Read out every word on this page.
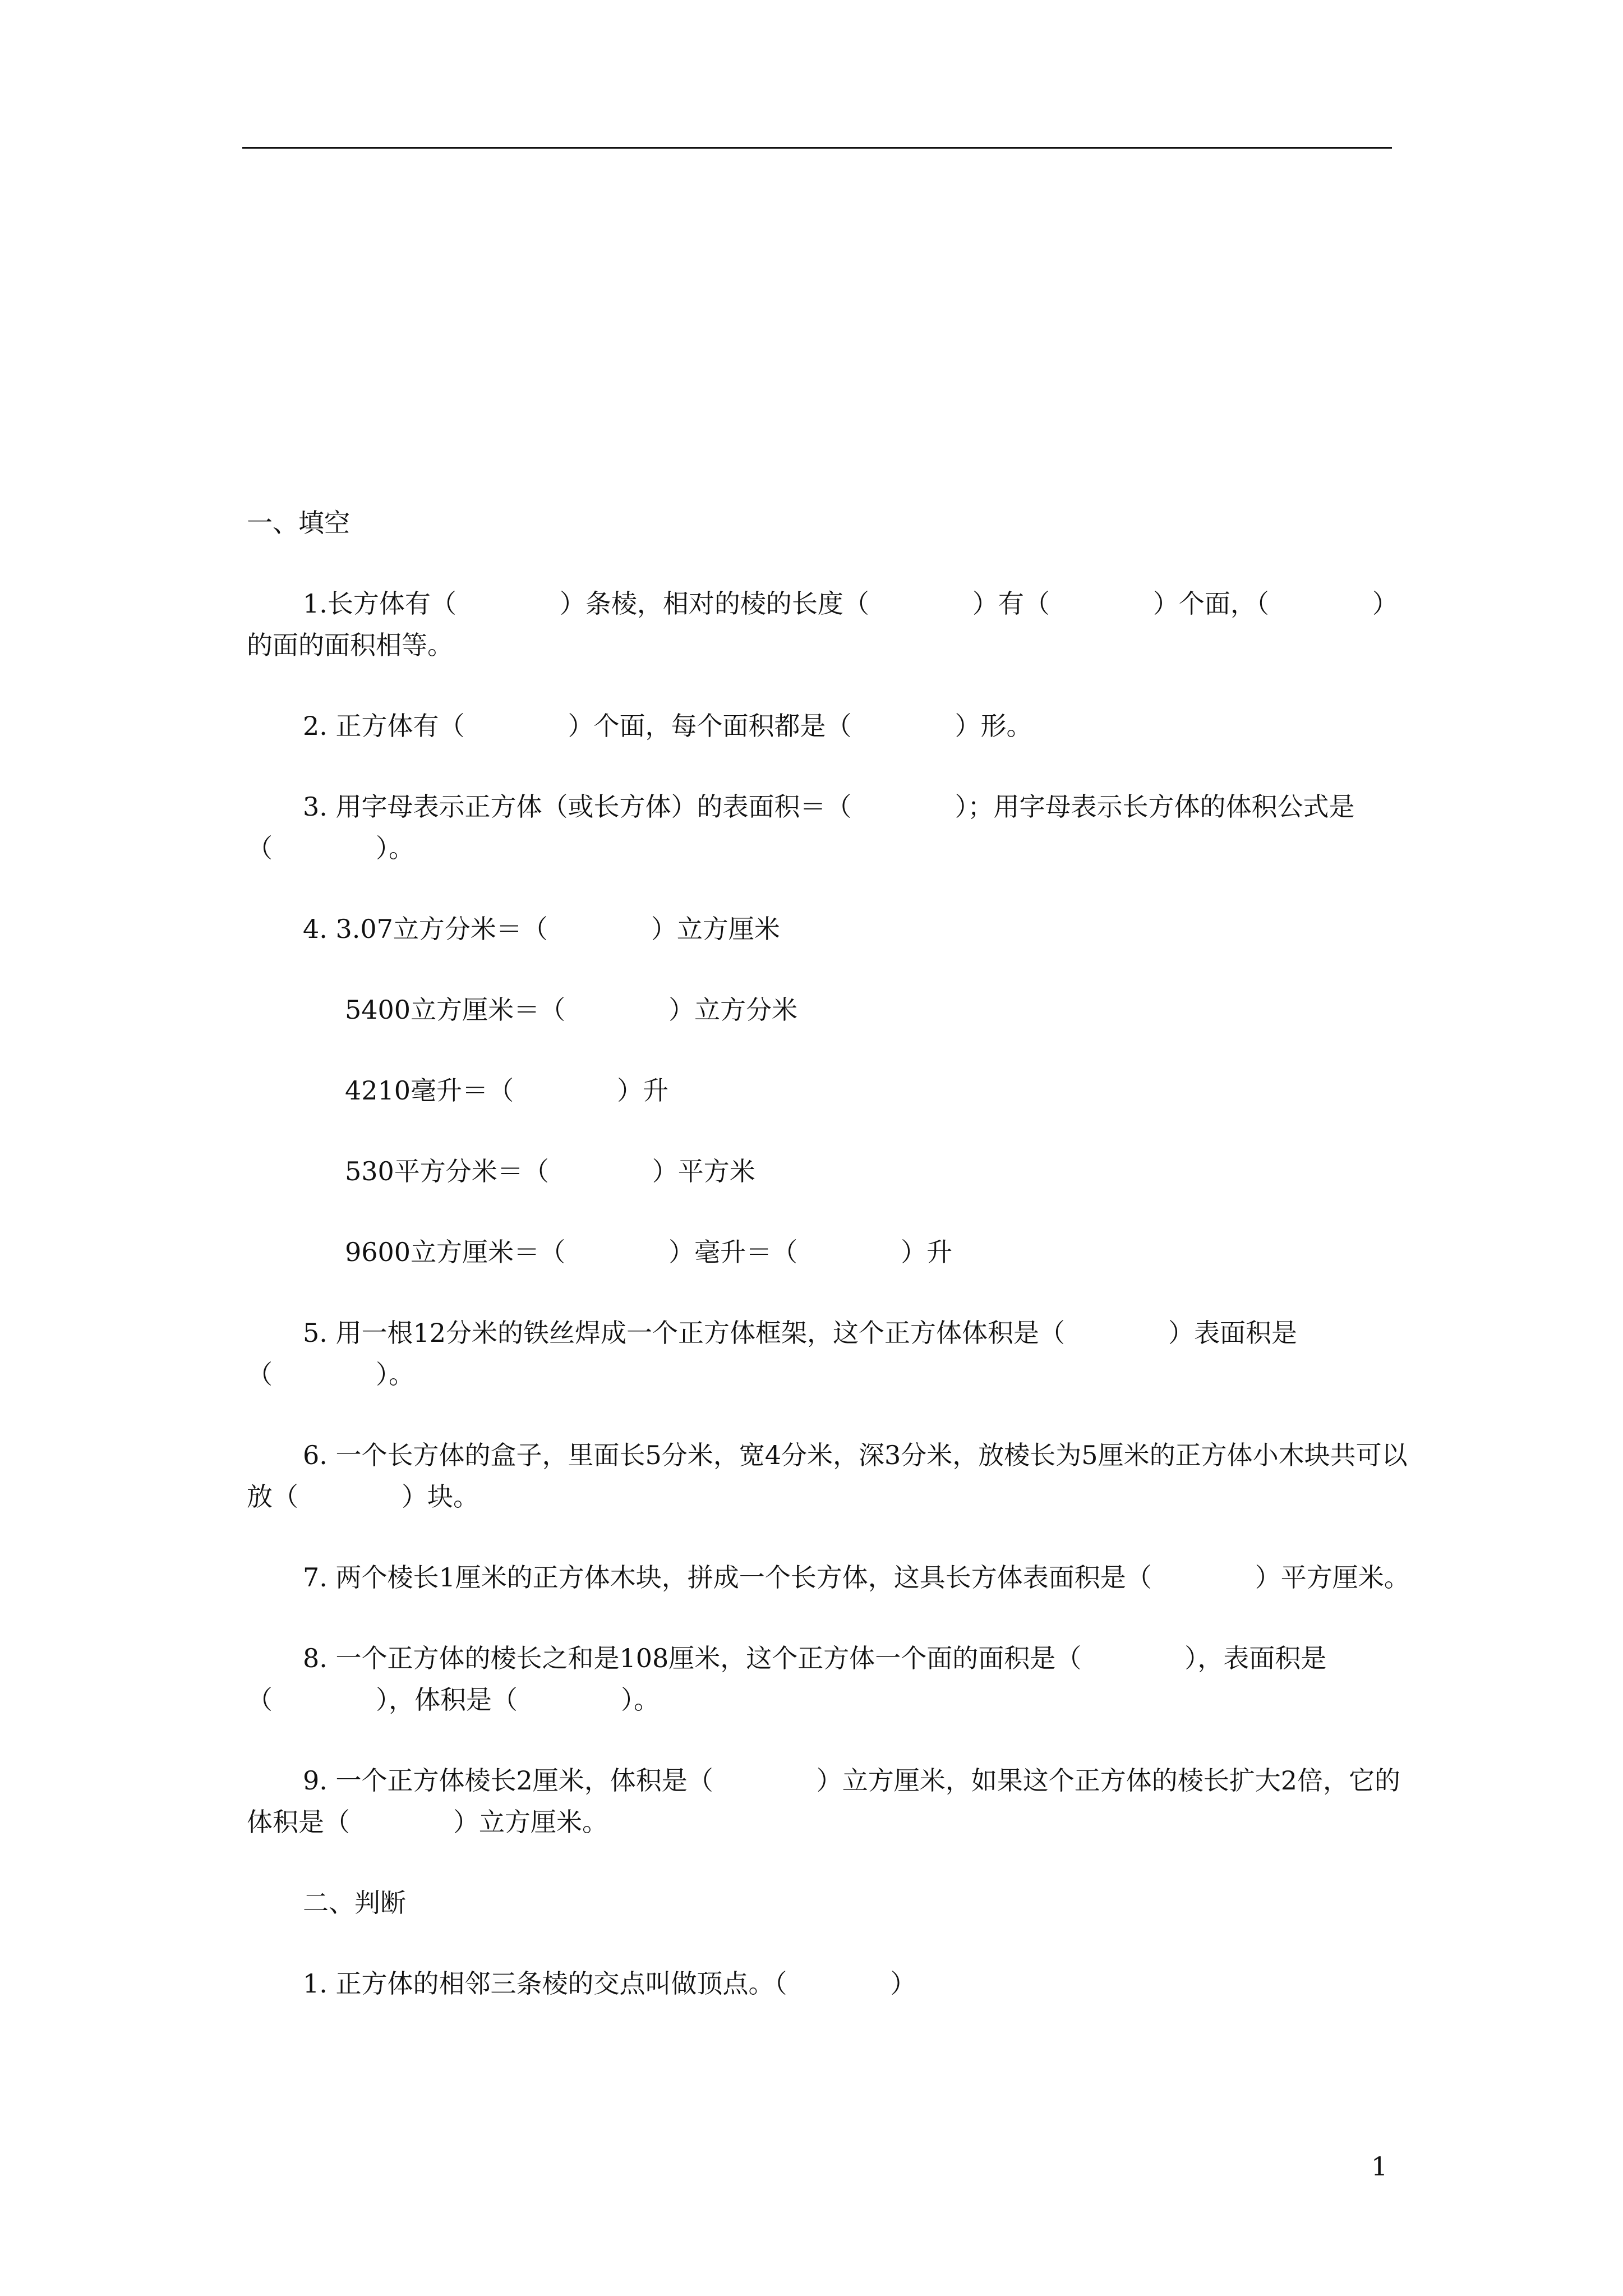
一、填空

1.长方体有（　　　　）条棱，相对的棱的长度（　　　　）有（　　　　）个面，（　　　　）的面的面积相等。

2. 正方体有（　　　　）个面，每个面积都是（　　　　）形。

3. 用字母表示正方体（或长方体）的表面积＝（　　　　）；用字母表示长方体的体积公式是（　　　　）。

4. 3.07立方分米＝（　　　　）立方厘米

5400立方厘米＝（　　　　）立方分米

4210毫升＝（　　　　）升

530平方分米＝（　　　　）平方米

9600立方厘米＝（　　　　）毫升＝（　　　　）升

5. 用一根12分米的铁丝焊成一个正方体框架，这个正方体体积是（　　　　）表面积是（　　　　）。

6. 一个长方体的盒子，里面长5分米，宽4分米，深3分米，放棱长为5厘米的正方体小木块共可以放（　　　　）块。

7. 两个棱长1厘米的正方体木块，拼成一个长方体，这具长方体表面积是（　　　　）平方厘米。

8. 一个正方体的棱长之和是108厘米，这个正方体一个面的面积是（　　　　），表面积是（　　　　），体积是（　　　　）。

9. 一个正方体棱长2厘米，体积是（　　　　）立方厘米，如果这个正方体的棱长扩大2倍，它的体积是（　　　　）立方厘米。

二、判断

1. 正方体的相邻三条棱的交点叫做顶点。（　　　　）

1
